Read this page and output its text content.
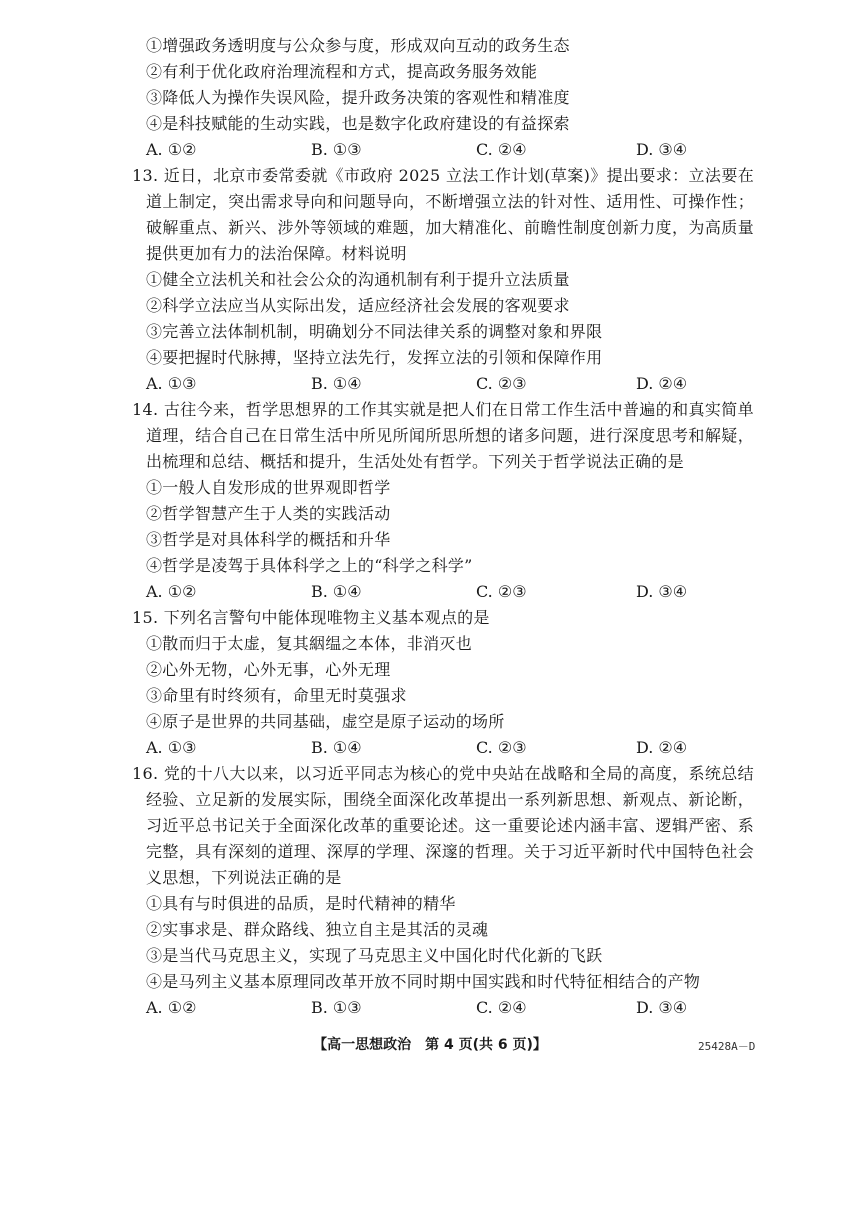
①增强政务透明度与公众参与度，形成双向互动的政务生态
②有利于优化政府治理流程和方式，提高政务服务效能
③降低人为操作失误风险，提升政务决策的客观性和精准度
④是科技赋能的生动实践，也是数字化政府建设的有益探索
A. ①②	B. ①③	C. ②④	D. ③④
13. 近日，北京市委常委就《市政府 2025 立法工作计划(草案)》提出要求：立法要在
道上制定，突出需求导向和问题导向，不断增强立法的针对性、适用性、可操作性；
破解重点、新兴、涉外等领域的难题，加大精准化、前瞻性制度创新力度，为高质量
提供更加有力的法治保障。材料说明
①健全立法机关和社会公众的沟通机制有利于提升立法质量
②科学立法应当从实际出发，适应经济社会发展的客观要求
③完善立法体制机制，明确划分不同法律关系的调整对象和界限
④要把握时代脉搏，坚持立法先行，发挥立法的引领和保障作用
A. ①③	B. ①④	C. ②③	D. ②④
14. 古往今来，哲学思想界的工作其实就是把人们在日常工作生活中普遍的和真实简单
道理，结合自己在日常生活中所见所闻所思所想的诸多问题，进行深度思考和解疑，
出梳理和总结、概括和提升，生活处处有哲学。下列关于哲学说法正确的是
①一般人自发形成的世界观即哲学
②哲学智慧产生于人类的实践活动
③哲学是对具体科学的概括和升华
④哲学是凌驾于具体科学之上的“科学之科学”
A. ①②	B. ①④	C. ②③	D. ③④
15. 下列名言警句中能体现唯物主义基本观点的是
①散而归于太虚，复其絪缊之本体，非消灭也
②心外无物，心外无事，心外无理
③命里有时终须有，命里无时莫强求
④原子是世界的共同基础，虚空是原子运动的场所
A. ①③	B. ①④	C. ②③	D. ②④
16. 党的十八大以来，以习近平同志为核心的党中央站在战略和全局的高度，系统总结
经验、立足新的发展实际，围绕全面深化改革提出一系列新思想、新观点、新论断，
习近平总书记关于全面深化改革的重要论述。这一重要论述内涵丰富、逻辑严密、系
完整，具有深刻的道理、深厚的学理、深邃的哲理。关于习近平新时代中国特色社会
义思想，下列说法正确的是
①具有与时俱进的品质，是时代精神的精华
②实事求是、群众路线、独立自主是其活的灵魂
③是当代马克思主义，实现了马克思主义中国化时代化新的飞跃
④是马列主义基本原理同改革开放不同时期中国实践和时代特征相结合的产物
【高一思想政治　第 4 页(共 6 页)】	25428A－D
A. ①②	B. ①③	C. ②④	D. ③④
